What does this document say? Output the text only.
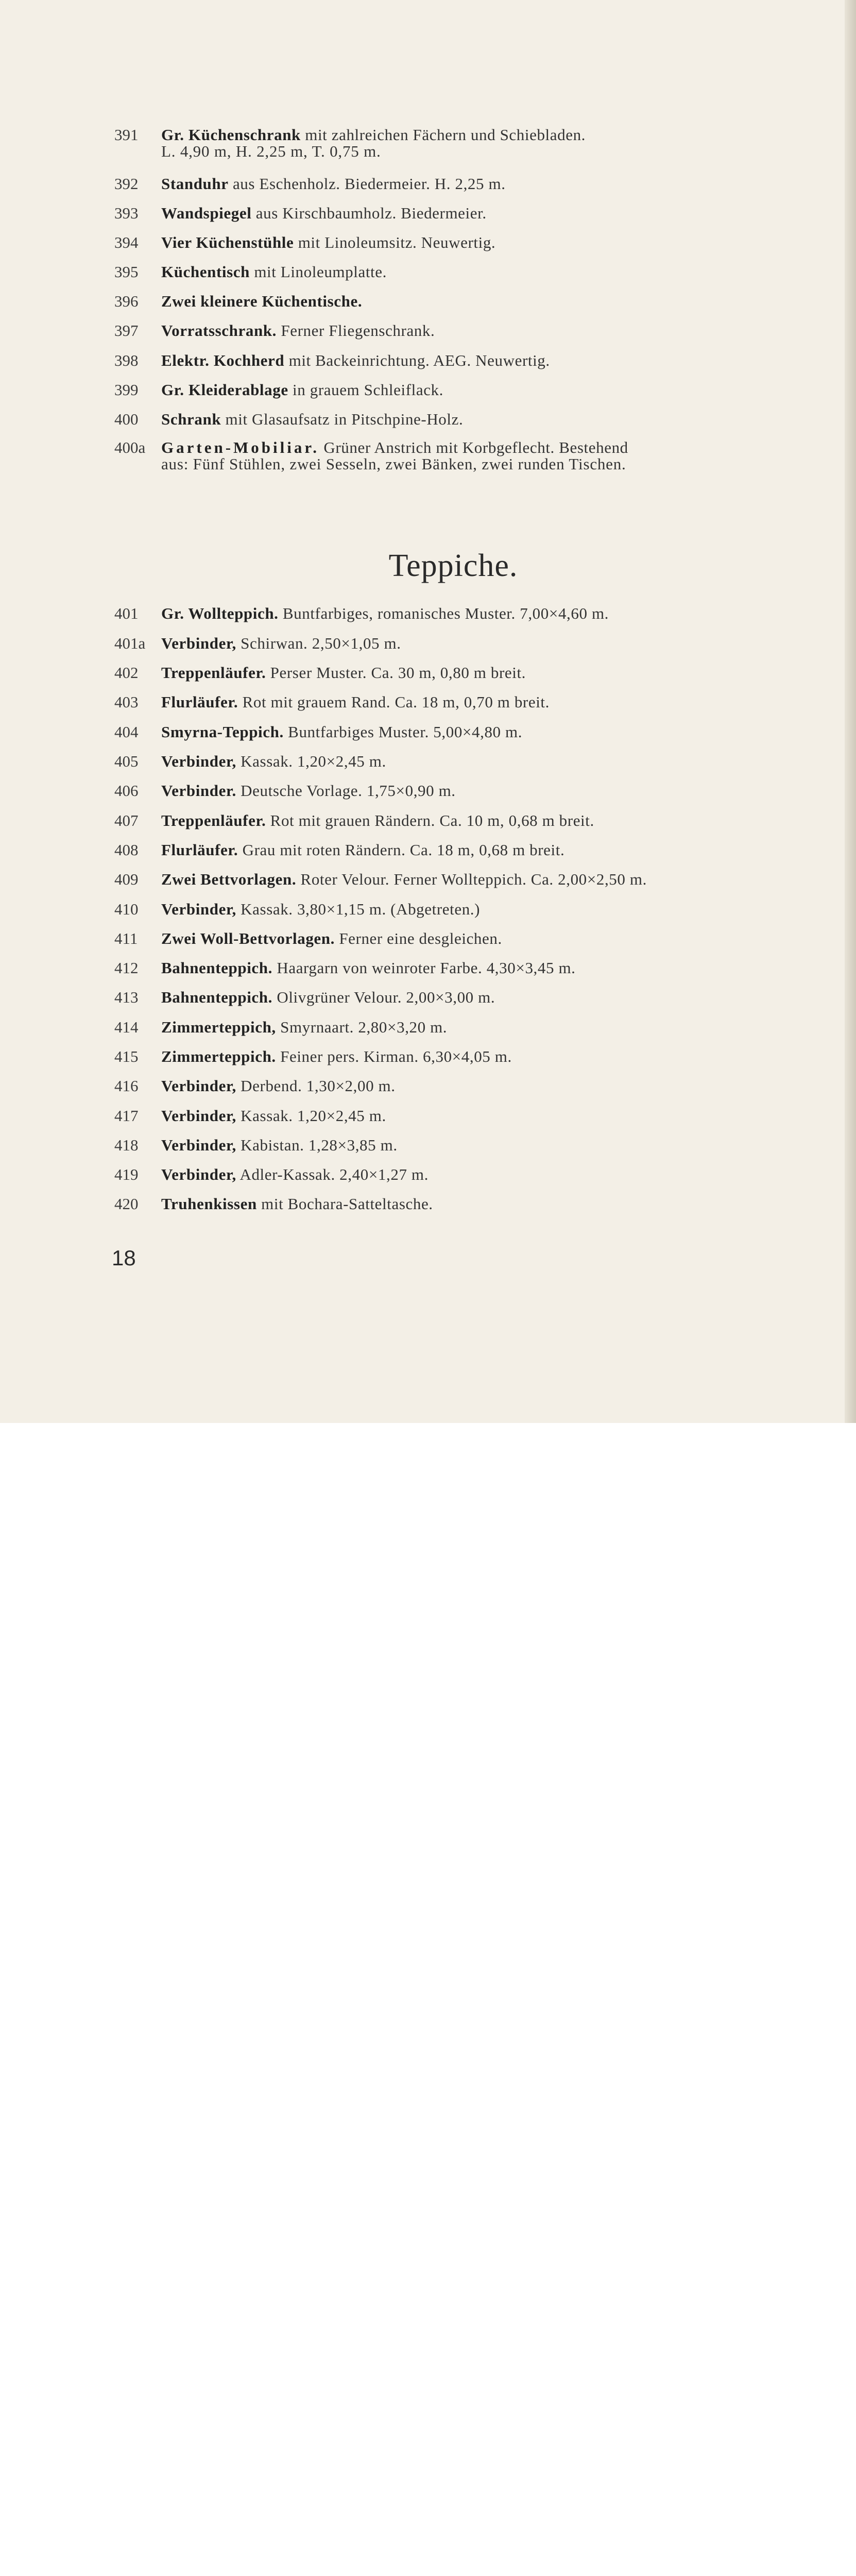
391	Gr. Küchenschrank mit zahlreichen Fächern und Schiebladen.
L. 4,90 m, H. 2,25 m, T. 0,75 m.
392	Standuhr aus Eschenholz. Biedermeier. H. 2,25 m.
393	Wandspiegel aus Kirschbaumholz. Biedermeier.
394	Vier Küchenstühle mit Linoleumsitz. Neuwertig.
395	Küchentisch mit Linoleumplatte.
396	Zwei kleinere Küchentische.
397	Vorratsschrank. Ferner Fliegenschrank.
398	Elektr. Kochherd mit Backeinrichtung. AEG. Neuwertig.
399	Gr. Kleiderablage in grauem Schleiflack.
400	Schrank mit Glasaufsatz in Pitschpine-Holz.
400a Garten-Mobiliar. Grüner Anstrich mit Korbgeflecht. Bestehend
aus: Fünf Stühlen, zwei Sesseln, zwei Bänken, zwei runden Tischen.
Teppiche.
401	Gr. Wollteppich. Buntfarbiges, romanisches Muster. 7,00×4,60 m.
401a Verbinder, Schirwan. 2,50×1,05 m.
402	Treppenläufer. Perser Muster. Ca. 30 m, 0,80 m breit.
403	Flurläufer. Rot mit grauem Rand. Ca. 18 m, 0,70 m breit.
404	Smyrna-Teppich. Buntfarbiges Muster. 5,00×4,80 m.
405	Verbinder, Kassak. 1,20×2,45 m.
406	Verbinder. Deutsche Vorlage. 1,75×0,90 m.
407	Treppenläufer. Rot mit grauen Rändern. Ca. 10 m, 0,68 m breit.
408	Flurläufer. Grau mit roten Rändern. Ca. 18 m, 0,68 m breit.
409	Zwei Bettvorlagen. Roter Velour. Ferner Wollteppich. Ca. 2,00×2,50 m.
410	Verbinder, Kassak. 3,80×1,15 m. (Abgetreten.)
411	Zwei Woll-Bettvorlagen. Ferner eine desgleichen.
412	Bahnenteppich. Haargarn von weinroter Farbe. 4,30×3,45 m.
413	Bahnenteppich. Olivgrüner Velour. 2,00×3,00 m.
414	Zimmerteppich, Smyrnaart. 2,80×3,20 m.
415	Zimmerteppich. Feiner pers. Kirman. 6,30×4,05 m.
416	Verbinder, Derbend. 1,30×2,00 m.
417	Verbinder, Kassak. 1,20×2,45 m.
418	Verbinder, Kabistan. 1,28×3,85 m.
419	Verbinder, Adler-Kassak. 2,40×1,27 m.
420	Truhenkissen mit Bochara-Satteltasche.
18
